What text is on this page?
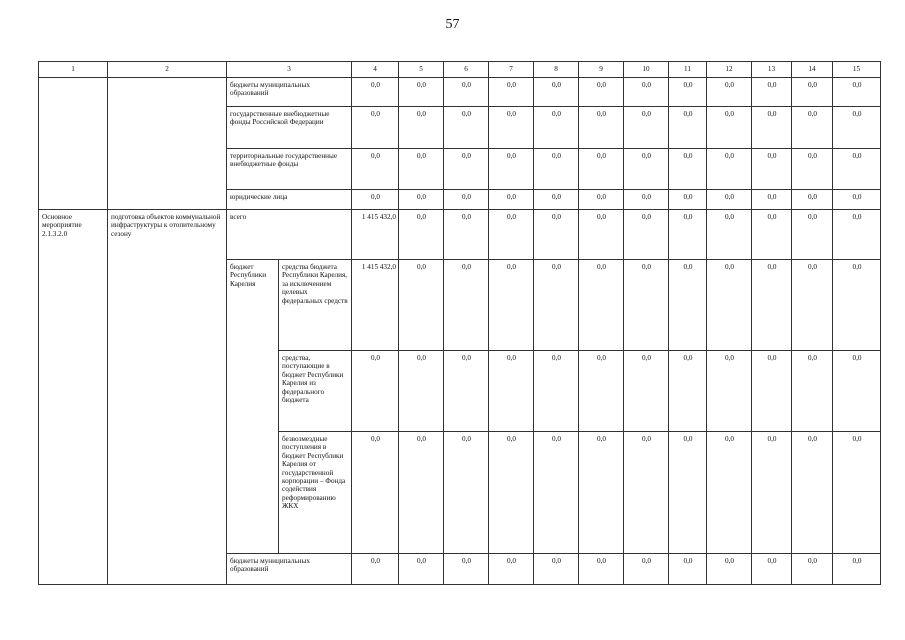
57
1	2	3		4	5	6	7	8	9	10	11	12	13	14	15
		бюджеты муниципальных образований		0,0	0,0	0,0	0,0	0,0	0,0	0,0	0,0	0,0	0,0	0,0	0,0
		государственные внебюджетные фонды Российской Федерации		0,0	0,0	0,0	0,0	0,0	0,0	0,0	0,0	0,0	0,0	0,0	0,0
		территориальные государственные внебюджетные фонды		0,0	0,0	0,0	0,0	0,0	0,0	0,0	0,0	0,0	0,0	0,0	0,0
		юридические лица		0,0	0,0	0,0	0,0	0,0	0,0	0,0	0,0	0,0	0,0	0,0	0,0
Основное мероприятие 2.1.3.2.0	подготовка объектов коммунальной инфраструктуры к отопительному сезону	всего		1 415 432,0	0,0	0,0	0,0	0,0	0,0	0,0	0,0	0,0	0,0	0,0	0,0
		бюджет Республики Карелия	средства бюджета Республики Карелия, за исключением целевых федеральных средств	1 415 432,0	0,0	0,0	0,0	0,0	0,0	0,0	0,0	0,0	0,0	0,0	0,0
			средства, поступающие в бюджет Республики Карелия из федерального бюджета	0,0	0,0	0,0	0,0	0,0	0,0	0,0	0,0	0,0	0,0	0,0	0,0
			безвозмездные поступления в бюджет Республики Карелия от государственной корпорации – Фонда содействия реформированию ЖКХ	0,0	0,0	0,0	0,0	0,0	0,0	0,0	0,0	0,0	0,0	0,0	0,0
		бюджеты муниципальных образований		0,0	0,0	0,0	0,0	0,0	0,0	0,0	0,0	0,0	0,0	0,0	0,0
